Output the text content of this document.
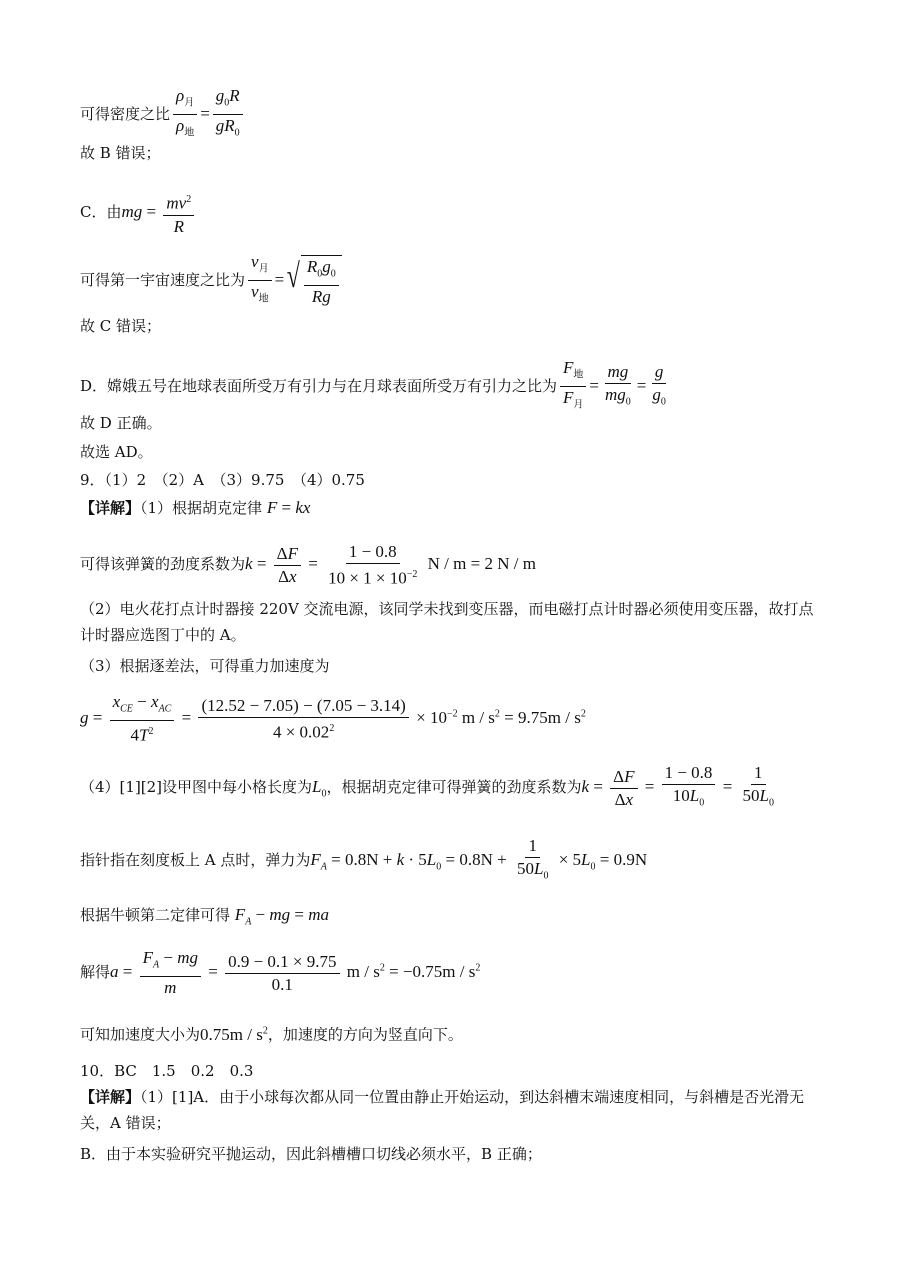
可得密度之比 $\frac{\rho_月}{\rho_地} = \frac{g_0R}{gR_0}$
故 B 错误；
C．由mg = $\frac{mv^2}{R}$
可得第一宇宙速度之比为 $\frac{v_月}{v_地}$ = √ $\frac{R_0g_0}{Rg}$
故 C 错误；
D．嫦娥五号在地球表面所受万有引力与在月球表面所受万有引力之比为 $\frac{F_地}{F_月} = \frac{mg}{mg_0} = \frac{g}{g_0}$
故 D 正确。
故选 AD。
9．（1）2　（2）A　（3）9.75　（4）0.75
【详解】（1）根据胡克定律 F = kx
可得该弹簧的劲度系数为$k = \frac{\Delta F}{\Delta x} = \frac{1 - 0.8}{10 \times 1 \times 10^{-2}}$ N / m = 2 N / m
（2）电火花打点计时器接 220V 交流电源，该同学未找到变压器，而电磁打点计时器必须使用变压器，故打点计时器应选图丁中的 A。
（3）根据逐差法，可得重力加速度为
$g = \frac{x_{CE} - x_{AC}}{4T^2} = \frac{(12.52 - 7.05) - (7.05 - 3.14)}{4 \times 0.02^2} \times 10^{-2}$ $m / s^2 = 9.75m / s^2$
（4）[1][2]设甲图中每小格长度为$L_0$，根据胡克定律可得弹簧的劲度系数为$k = \frac{\Delta F}{\Delta x} = \frac{1 - 0.8}{10L_0} = \frac{1}{50L_0}$
指针指在刻度板上 A 点时，弹力为$F_A = 0.8N + k \cdot 5L_0 = 0.8N + \frac{1}{50L_0} \times 5L_0 = 0.9N$
根据牛顿第二定律可得 $F_A$ − mg = ma
解得$a = \frac{F_A - mg}{m} = \frac{0.9 - 0.1 \times 9.75}{0.1}$ $m / s^2 = -0.75m / s^2$
可知加速度大小为$0.75m / s^2$，加速度的方向为竖直向下。
10．BC　1.5　0.2　0.3
【详解】（1）[1]A．由于小球每次都从同一位置由静止开始运动，到达斜槽末端速度相同，与斜槽是否光滑无关，A 错误；
B．由于本实验研究平抛运动，因此斜槽槽口切线必须水平，B 正确；
